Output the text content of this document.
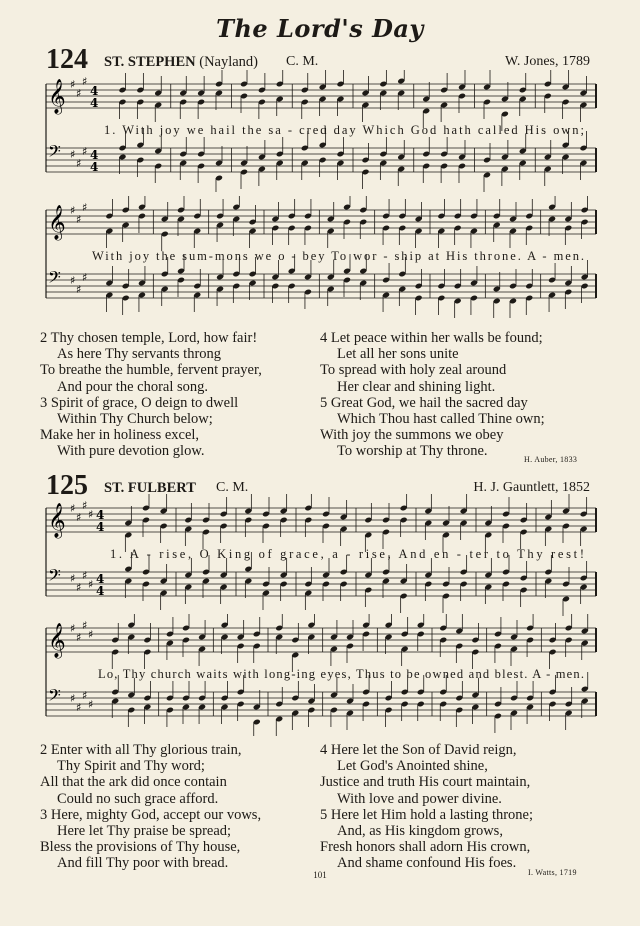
The Lord's Day
124 ST. STEPHEN (Nayland) C. M.	W. Jones, 1789
𝄞 ♯
♯
♯
4
4
𝄢 ♯
♯
♯ 4
4
1. With joy we hail the sa - cred day Which God hath called His own;
𝄞 ♯
♯
♯
𝄢 ♯
♯
♯
With joy the sum-mons we o - bey To wor - ship at His throne. A - men.
2 Thy chosen temple, Lord, how fair!
As here Thy servants throng
To breathe the humble, fervent prayer,
And pour the choral song.
3 Spirit of grace, O deign to dwell
Within Thy Church below;
Make her in holiness excel,
With pure devotion glow.
4 Let peace within her walls be found;
Let all her sons unite
To spread with holy zeal around
Her clear and shining light.
5 Great God, we hail the sacred day
Which Thou hast called Thine own;
With joy the summons we obey
To worship at Thy throne.
H. Auber, 1833
125 ST. FULBERT C. M.	H. J. Gauntlett, 1852
𝄞 ♯
♯
♯
♯ 4
4
𝄢 ♯
♯
♯
♯ 4
4
1. A - rise, O King of grace, a - rise, And en - ter to Thy rest!
𝄞 ♯
♯
♯
♯
𝄢 ♯
♯
♯
♯
Lo, Thy church waits with long-ing eyes, Thus to be owned and blest. A - men.
2 Enter with all Thy glorious train,
Thy Spirit and Thy word;
All that the ark did once contain
Could no such grace afford.
3 Here, mighty God, accept our vows,
Here let Thy praise be spread;
Bless the provisions of Thy house,
And fill Thy poor with bread.
4 Here let the Son of David reign,
Let God's Anointed shine,
Justice and truth His court maintain,
With love and power divine.
5 Here let Him hold a lasting throne;
And, as His kingdom grows,
Fresh honors shall adorn His crown,
And shame confound His foes.
I. Watts, 1719
101
